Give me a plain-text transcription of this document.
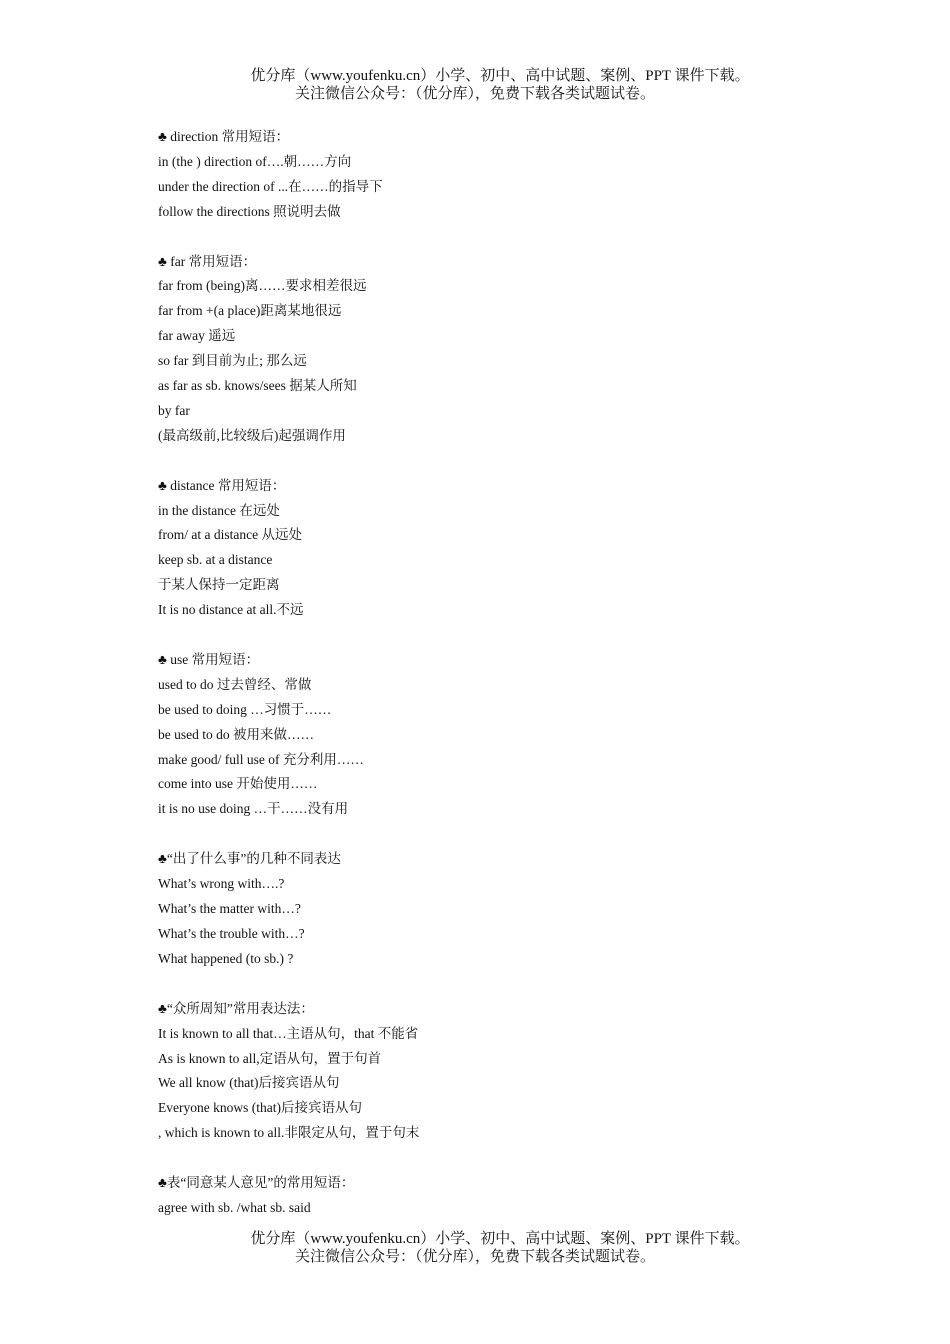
优分库（www.youfenku.cn）小学、初中、高中试题、案例、PPT 课件下载。
关注微信公众号：（优分库），免费下载各类试题试卷。
♣ direction 常用短语：
in (the ) direction of….朝……方向
under the direction of ...在……的指导下
follow the directions 照说明去做
♣ far 常用短语：
far from (being)离……要求相差很远
far from +(a place)距离某地很远
far away 遥远
so far 到目前为止; 那么远
as far as sb. knows/sees 据某人所知
by far
(最高级前,比较级后)起强调作用
♣ distance 常用短语：
in the distance 在远处
from/ at a distance 从远处
keep sb. at a distance
于某人保持一定距离
It is no distance at all.不远
♣ use 常用短语：
used to do 过去曾经、常做
be used to doing …习惯于……
be used to do 被用来做……
make good/ full use of 充分利用……
come into use 开始使用……
it is no use doing …干……没有用
♣“出了什么事”的几种不同表达
What’s wrong with….?
What’s the matter with…?
What’s the trouble with…?
What happened (to sb.) ?
♣“众所周知”常用表达法：
It is known to all that…主语从句，that 不能省
As is known to all,定语从句，置于句首
We all know (that)后接宾语从句
Everyone knows (that)后接宾语从句
, which is known to all.非限定从句，置于句末
♣表“同意某人意见”的常用短语：
agree with sb. /what sb. said
优分库（www.youfenku.cn）小学、初中、高中试题、案例、PPT 课件下载。
关注微信公众号：（优分库），免费下载各类试题试卷。
